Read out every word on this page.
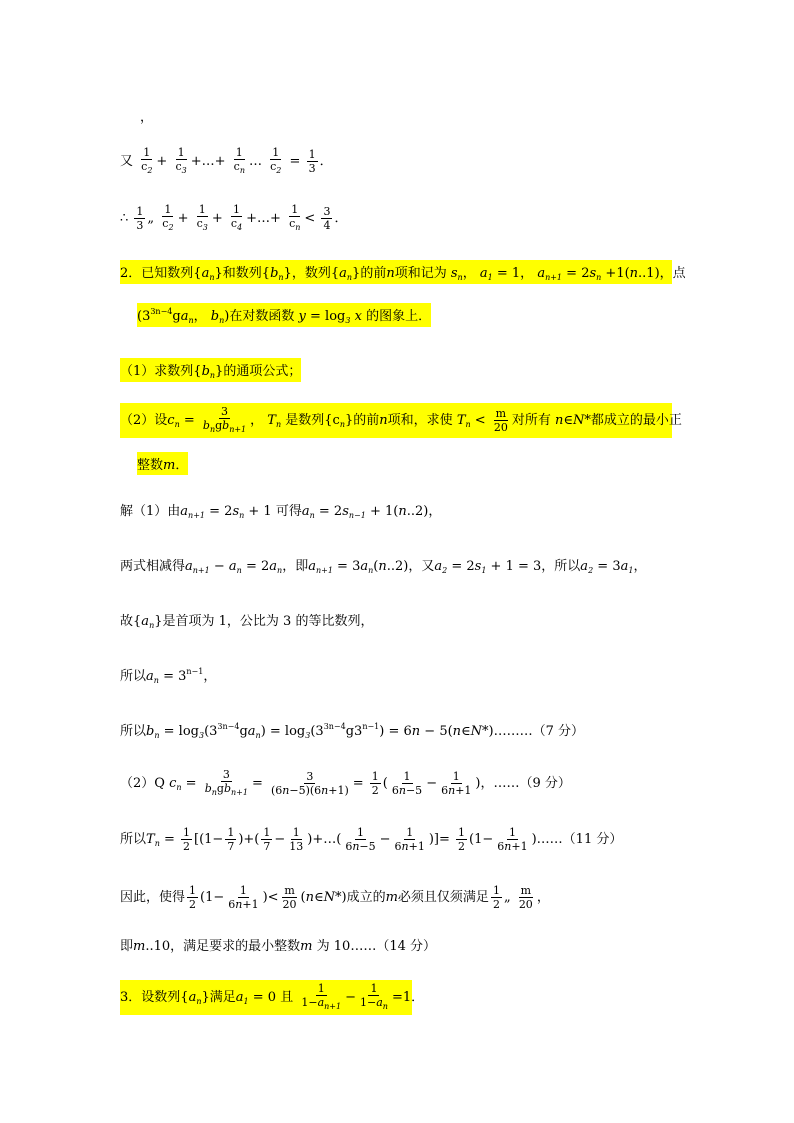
，
又 $\frac{1}{c_2} + \frac{1}{c_3}$ +…+ $\frac{1}{c_n}$ … $\frac{1}{c_2} = \frac{1}{3}$ ．
∴ $\frac{1}{3}$ „ $\frac{1}{c_2} + \frac{1}{c_3} + \frac{1}{c_4}$ +…+ $\frac{1}{c_n} < \frac{3}{4}$ ．
2．已知数列$\{a_n\}$和数列$\{b_n\}$，数列$\{a_n\}$的前n项和记为 $s_n$， $a_1 = 1$， $a_{n+1} = 2s_n +1(n..1)$，点
($3^{3n-4}ga_n$， $b_n$)在对数函数 $y = \log_3 x$ 的图象上．
（1）求数列$\{b_n\}$的通项公式；
（2）设$c_n = \frac{3}{b_ngb_{n+1}}$ ， $T_n$ 是数列$\{c_n\}$的前n项和，求使 $T_n < \frac{m}{20}$ 对所有 n∈N*都成立的最小正
整数m．
解（1）由$a_{n+1} = 2s_n + 1$ 可得$a_n = 2s_{n-1} + 1(n..2)$，
两式相减得$a_{n+1} - a_n = 2a_n$，即$a_{n+1} = 3a_n(n..2)$，又$a_2 = 2s_1 + 1 = 3$，所以$a_2 = 3a_1$，
故$\{a_n\}$是首项为 1，公比为 3 的等比数列，
所以$a_n = 3^{n-1}$，
所以$b_n = \log_3(3^{3n-4}ga_n) = \log_3(3^{3n-4}g3^{n-1}) = 6n$ − 5(n∈N*)………（7 分）
（2）Q $c_n = \frac{3}{b_ngb_{n+1}} = \frac{3}{(6n-5)(6n+1)} = \frac{1}{2}$ ( $\frac{1}{6n-5} - \frac{1}{6n+1}$ )，……（9 分）
所以$T_n = \frac{1}{2} [(1- \frac{1}{7}$ )+( $\frac{1}{7} - \frac{1}{13}$ )+…( $\frac{1}{6n-5} - \frac{1}{6n+1}$ )]= $\frac{1}{2} (1- \frac{1}{6n+1}$ )……（11 分）
因此，使得 $\frac{1}{2} (1- \frac{1}{6n+1}$ )< $\frac{m}{20}$ (n∈N*)成立的m必须且仅须满足 $\frac{1}{2}$ „ $\frac{m}{20}$ ，
即m..10，满足要求的最小整数m 为 10……（14 分）
3．设数列$\{a_n\}$满足$a_1 = 0$ 且 $\frac{1}{1-a_{n+1}} - \frac{1}{1-a_n} =1$．
